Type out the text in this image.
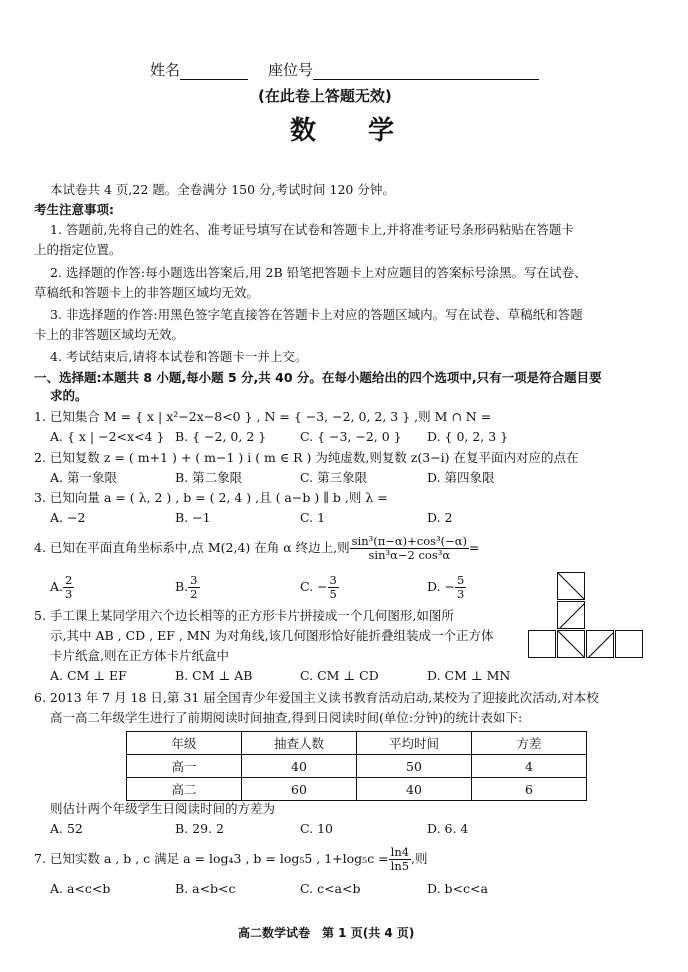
姓名	座位号
(在此卷上答题无效)
数　　学
本试卷共 4 页,22 题。全卷满分 150 分,考试时间 120 分钟。
考生注意事项:
1. 答题前,先将自己的姓名、准考证号填写在试卷和答题卡上,并将准考证号条形码粘贴在答题卡
上的指定位置。
2. 选择题的作答:每小题选出答案后,用 2B 铅笔把答题卡上对应题目的答案标号涂黑。写在试卷、
草稿纸和答题卡上的非答题区域均无效。
3. 非选择题的作答:用黑色签字笔直接答在答题卡上对应的答题区域内。写在试卷、草稿纸和答题
卡上的非答题区域均无效。
4. 考试结束后,请将本试卷和答题卡一并上交。
一、选择题:本题共 8 小题,每小题 5 分,共 40 分。在每小题给出的四个选项中,只有一项是符合题目要
求的。
1. 已知集合 M = { x | x²−2x−8<0 } , N = { −3, −2, 0, 2, 3 } ,则 M ∩ N =
A. { x | −2<x<4 } B. { −2, 0, 2 }	C. { −3, −2, 0 } D. { 0, 2, 3 }
2. 已知复数 z = ( m+1 ) + ( m−1 ) i ( m ∈ R ) 为纯虚数,则复数 z(3−i) 在复平面内对应的点在
A. 第一象限	B. 第二象限	C. 第三象限	D. 第四象限
3. 已知向量 a = ( λ, 2 ) , b = ( 2, 4 ) ,且 ( a−b ) ∥ b ,则 λ =
A. −2	B. −1	C. 1	D. 2
4. 已知在平面直角坐标系中,点 M(2,4) 在角 α 终边上,则 $\frac{\text{sin³(π−α)+cos³(−α)}}{\text{sin³α−2 cos³α}}$ =
A. $\frac{2}{3}$	B. $\frac{3}{2}$	C. − $\frac{3}{5}$	D. − $\frac{5}{3}$
5. 手工课上某同学用六个边长相等的正方形卡片拼接成一个几何图形,如图所
示,其中 AB , CD , EF , MN 为对角线,该几何图形恰好能折叠组装成一个正方体
卡片纸盒,则在正方体卡片纸盒中
A. CM ⊥ EF	B. CM ⊥ AB	C. CM ⊥ CD	D. CM ⊥ MN
6. 2013 年 7 月 18 日,第 31 届全国青少年爱国主义读书教育活动启动,某校为了迎接此次活动,对本校
高一高二年级学生进行了前期阅读时间抽查,得到日阅读时间(单位:分钟)的统计表如下:
年级	抽查人数	平均时间	方差
高一	40	50	4
高二	60	40	6
则估计两个年级学生日阅读时间的方差为
A. 52	B. 29. 2	C. 10	D. 6. 4
7. 已知实数 a , b , c 满足 a = log₄3 , b = log₅5 , $1+\log_5c = \frac{\ln 4}{\ln 5}$ ,则
A. a<c<b	B. a<b<c	C. c<a<b	D. b<c<a
高二数学试卷　第 1 页(共 4 页)
